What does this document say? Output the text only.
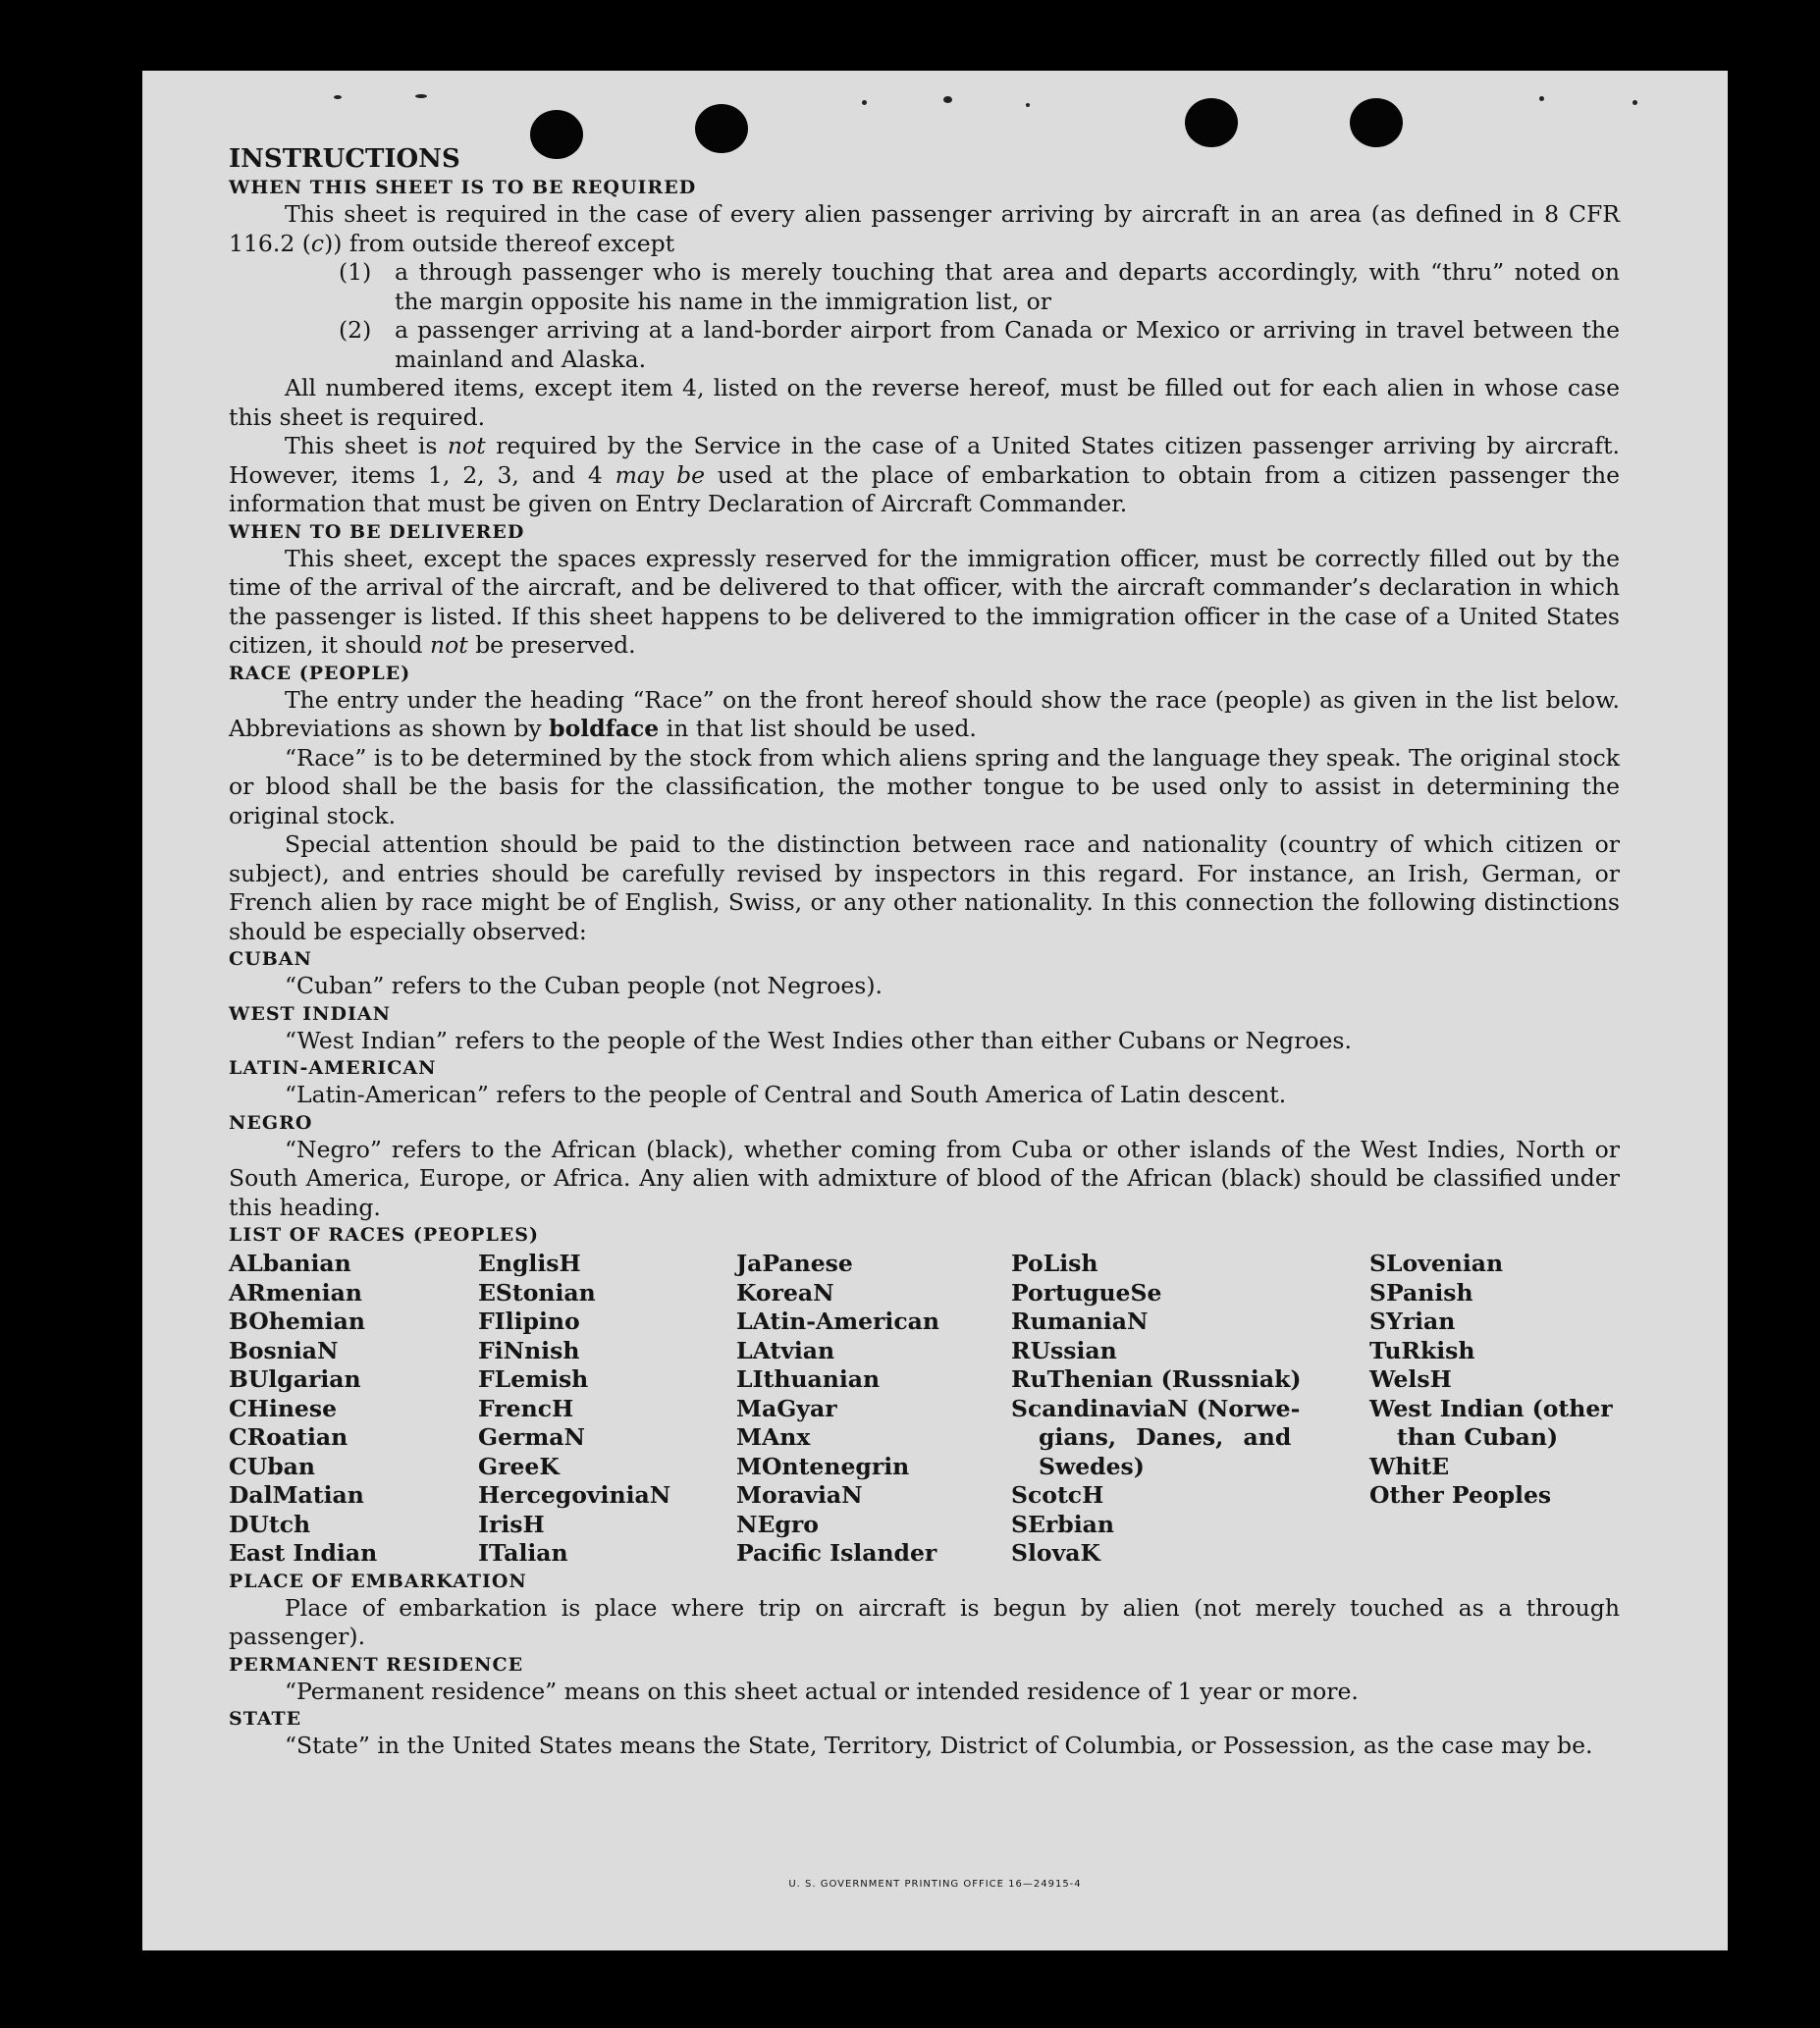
INSTRUCTIONS

WHEN THIS SHEET IS TO BE REQUIRED

This sheet is required in the case of every alien passenger arriving by aircraft in an area (as defined in 8 CFR 116.2 (c)) from outside thereof except

(1)	a through passenger who is merely touching that area and departs accordingly, with “thru” noted on the margin opposite his name in the immigration list, or
(2)	a passenger arriving at a land-border airport from Canada or Mexico or arriving in travel between the mainland and Alaska.

All numbered items, except item 4, listed on the reverse hereof, must be filled out for each alien in whose case this sheet is required.

This sheet is not required by the Service in the case of a United States citizen passenger arriving by aircraft. However, items 1, 2, 3, and 4 may be used at the place of embarkation to obtain from a citizen passenger the information that must be given on Entry Declaration of Aircraft Commander.

WHEN TO BE DELIVERED

This sheet, except the spaces expressly reserved for the immigration officer, must be correctly filled out by the time of the arrival of the aircraft, and be delivered to that officer, with the aircraft commander’s declaration in which the passenger is listed. If this sheet happens to be delivered to the immigration officer in the case of a United States citizen, it should not be preserved.

RACE (PEOPLE)

The entry under the heading “Race” on the front hereof should show the race (people) as given in the list below. Abbreviations as shown by boldface in that list should be used.

“Race” is to be determined by the stock from which aliens spring and the language they speak. The original stock or blood shall be the basis for the classification, the mother tongue to be used only to assist in determining the original stock.

Special attention should be paid to the distinction between race and nationality (country of which citizen or subject), and entries should be carefully revised by inspectors in this regard. For instance, an Irish, German, or French alien by race might be of English, Swiss, or any other nationality. In this connection the following distinctions should be especially observed:

CUBAN

“Cuban” refers to the Cuban people (not Negroes).

WEST INDIAN

“West Indian” refers to the people of the West Indies other than either Cubans or Negroes.

LATIN-AMERICAN

“Latin-American” refers to the people of Central and South America of Latin descent.

NEGRO

“Negro” refers to the African (black), whether coming from Cuba or other islands of the West Indies, North or South America, Europe, or Africa. Any alien with admixture of blood of the African (black) should be classified under this heading.

LIST OF RACES (PEOPLES)

ALbanian
ARmenian
BOhemian
BosniaN
BUlgarian
CHinese
CRoatian
CUban
DalMatian
DUtch
East Indian
EnglisH
EStonian
FIlipino
FiNnish
FLemish
FrencH
GermaN
GreeK
HercegoviniaN
IrisH
ITalian
JaPanese
KoreaN
LAtin-American
LAtvian
LIthuanian
MaGyar
MAnx
MOntenegrin
MoraviaN
NEgro
Pacific Islander
PoLish
PortugueSe
RumaniaN
RUssian
RuThenian (Russniak)
ScandinaviaN (Norwe-
gians, Danes, and
Swedes)
ScotcH
SErbian
SlovaK
SLovenian
SPanish
SYrian
TuRkish
WelsH
West Indian (other
than Cuban)
WhitE
Other Peoples

PLACE OF EMBARKATION

Place of embarkation is place where trip on aircraft is begun by alien (not merely touched as a through passenger).

PERMANENT RESIDENCE

“Permanent residence” means on this sheet actual or intended residence of 1 year or more.

STATE

“State” in the United States means the State, Territory, District of Columbia, or Possession, as the case may be.

U. S. GOVERNMENT PRINTING OFFICE 16—24915-4
